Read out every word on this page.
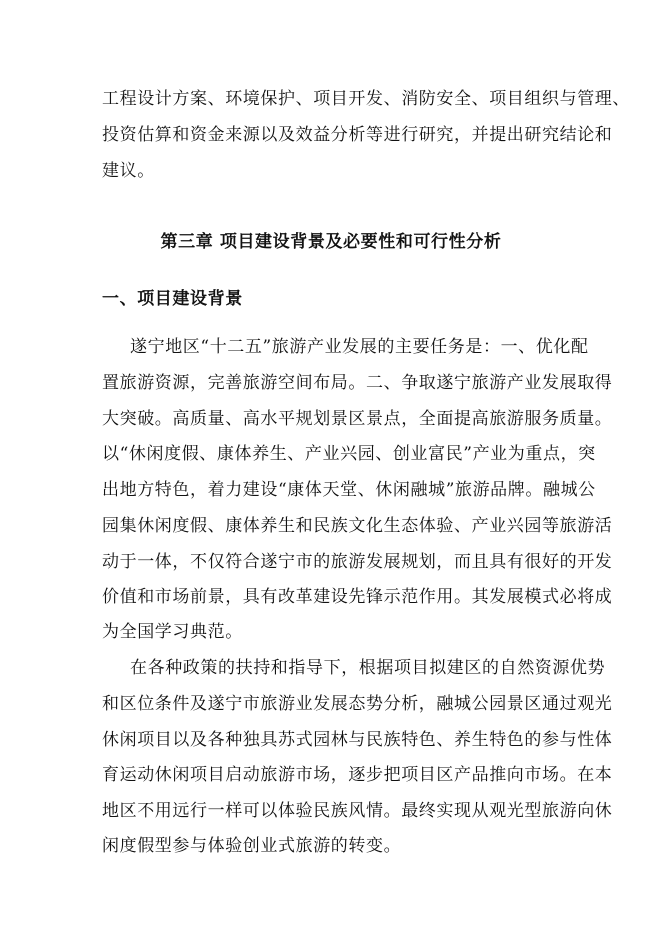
工程设计方案、环境保护、项目开发、消防安全、项目组织与管理、
投资估算和资金来源以及效益分析等进行研究，并提出研究结论和
建议。
第三章 项目建设背景及必要性和可行性分析
一、项目建设背景
遂宁地区“十二五”旅游产业发展的主要任务是：一、优化配
置旅游资源，完善旅游空间布局。二、争取遂宁旅游产业发展取得
大突破。高质量、高水平规划景区景点，全面提高旅游服务质量。
以“休闲度假、康体养生、产业兴园、创业富民”产业为重点，突
出地方特色，着力建设“康体天堂、休闲融城”旅游品牌。融城公
园集休闲度假、康体养生和民族文化生态体验、产业兴园等旅游活
动于一体，不仅符合遂宁市的旅游发展规划，而且具有很好的开发
价值和市场前景，具有改革建设先锋示范作用。其发展模式必将成
为全国学习典范。
在各种政策的扶持和指导下，根据项目拟建区的自然资源优势
和区位条件及遂宁市旅游业发展态势分析，融城公园景区通过观光
休闲项目以及各种独具苏式园林与民族特色、养生特色的参与性体
育运动休闲项目启动旅游市场，逐步把项目区产品推向市场。在本
地区不用远行一样可以体验民族风情。最终实现从观光型旅游向休
闲度假型参与体验创业式旅游的转变。
